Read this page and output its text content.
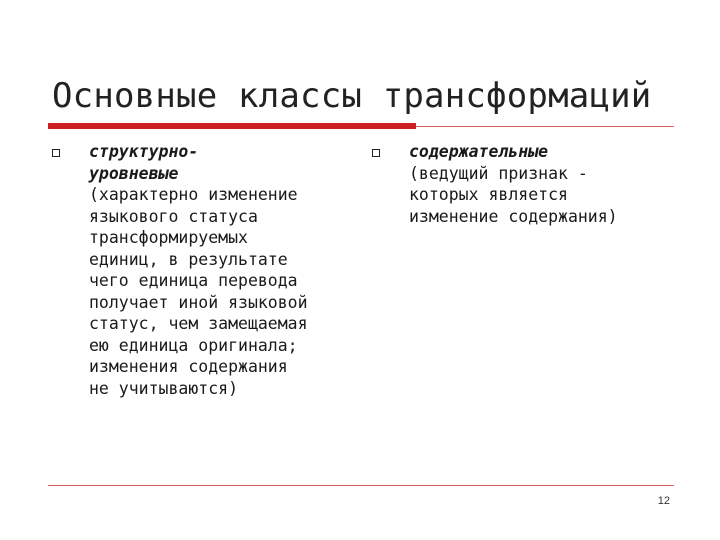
Основные классы трансформаций
структурно-
уровневые
(характерно изменение
языкового статуса
трансформируемых
единиц, в результате
чего единица перевода
получает иной языковой
статус, чем замещаемая
ею единица оригинала;
изменения содержания
не учитываются)
содержательные
(ведущий признак -
которых является
изменение содержания)
12
